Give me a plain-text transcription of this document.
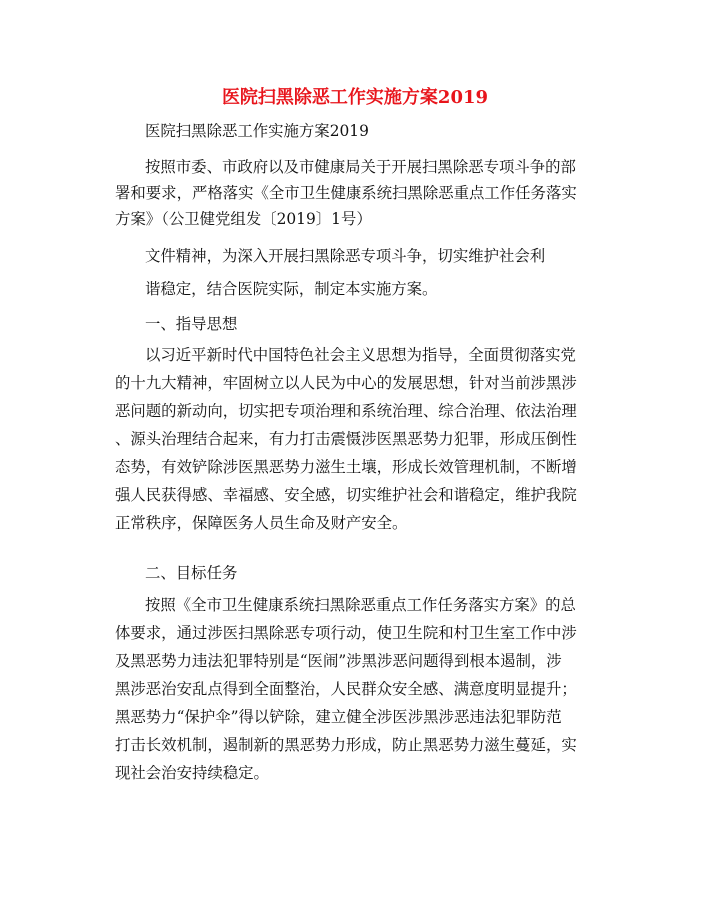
医院扫黑除恶工作实施方案2019
医院扫黑除恶工作实施方案2019
按照市委、市政府以及市健康局关于开展扫黑除恶专项斗争的部
署和要求，严格落实《全市卫生健康系统扫黑除恶重点工作任务落实
方案》（公卫健党组发〔2019〕1号）
文件精神，为深入开展扫黑除恶专项斗争，切实维护社会利
谐稳定，结合医院实际，制定本实施方案。
一、指导思想
以习近平新时代中国特色社会主义思想为指导，全面贯彻落实党
的十九大精神，牢固树立以人民为中心的发展思想，针对当前涉黑涉
恶问题的新动向，切实把专项治理和系统治理、综合治理、依法治理
、源头治理结合起来，有力打击震慑涉医黑恶势力犯罪，形成压倒性
态势，有效铲除涉医黑恶势力滋生土壤，形成长效管理机制，不断增
强人民获得感、幸福感、安全感，切实维护社会和谐稳定，维护我院
正常秩序，保障医务人员生命及财产安全。
二、目标任务
按照《全市卫生健康系统扫黑除恶重点工作任务落实方案》的总
体要求，通过涉医扫黑除恶专项行动，使卫生院和村卫生室工作中涉
及黑恶势力违法犯罪特别是“医闹”涉黑涉恶问题得到根本遏制，涉
黑涉恶治安乱点得到全面整治，人民群众安全感、满意度明显提升；
黑恶势力“保护伞”得以铲除，建立健全涉医涉黑涉恶违法犯罪防范
打击长效机制，遏制新的黑恶势力形成，防止黑恶势力滋生蔓延，实
现社会治安持续稳定。
